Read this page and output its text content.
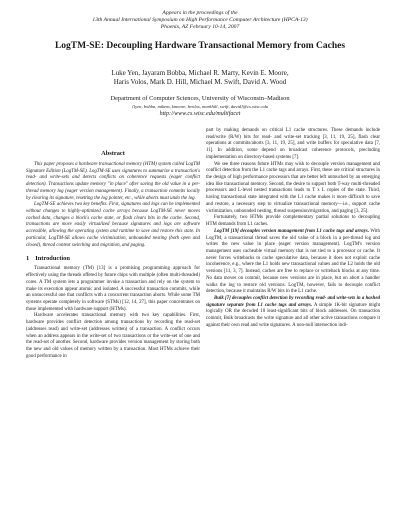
Appears in the proceedings of the
13th Annual International Symposium on High Performance Computer Architecture (HPCA-13)
Phoenix, AZ February 10-14, 2007
LogTM-SE: Decoupling Hardware Transactional Memory from Caches
Luke Yen, Jayaram Bobba, Michael R. Marty, Kevin E. Moore,
Haris Volos, Mark D. Hill, Michael M. Swift, David A. Wood
Department of Computer Sciences, University of Wisconsin–Madison
{lyen, bobba, mikem, kmoore, hvolos, markhill, swift, david}@cs.wisc.edu
http://www.cs.wisc.edu/multifacet
Abstract

This paper proposes a hardware transactional memory (HTM) system called LogTM Signature Edition (LogTM-SE). LogTM-SE uses signatures to summarize a transaction's read- and write-sets and detects conflicts on coherence requests (eager conflict detection). Transactions update memory "in place" after saving the old value in a per-thread memory log (eager version management). Finally, a transaction commits locally by clearing its signature, resetting the log pointer, etc., while aborts must undo the log.

LogTM-SE achieves two key benefits. First, signatures and logs can be implemented without changes to highly-optimized cache arrays because LogTM-SE never moves cached data, changes a block's cache state, or flash clears bits in the cache. Second, transactions are more easily virtualized because signatures and logs are software accessible, allowing the operating system and runtime to save and restore this state. In particular, LogTM-SE allows cache victimization, unbounded nesting (both open and closed), thread context switching and migration, and paging.

1 Introduction

Transactional memory (TM) [13] is a promising programming approach for effectively using the threads offered by future chips with multiple (often multi-threaded) cores. A TM system lets a programmer invoke a transaction and rely on the system to make its execution appear atomic and isolated. A successful transaction commits, while an unsuccessful one that conflicts with a concurrent transaction aborts. While some TM systems operate completely in software (STMs) [12, 14, 27], this paper concentrates on those implemented with hardware support (HTMs).

Hardware accelerates transactional memory with two key capabilities. First, hardware provides conflict detection among transactions by recording the read-set (addresses read) and write-set (addresses written) of a transaction. A conflict occurs when an address appears in the write-set of two transactions or the write-set of one and the read-set of another. Second, hardware provides version management by storing both the new and old values of memory written by a transaction. Most HTMs achieve their good performance in

part by making demands on critical L1 cache structures. These demands include read/write (R/W) bits for read- and write-set tracking [3, 11, 19, 25], flash clear operations at commits/aborts [3, 11, 19, 25], and write buffers for speculative data [7, 11]. In addition, some depend on broadcast coherence protocols, precluding implementation on directory-based systems [7].

We see three reasons future HTMs may wish to decouple version management and conflict detection from the L1 cache tags and arrays. First, these are critical structures in the design of high performance processors that are better left untouched by an emerging idea like transactional memory. Second, the desire to support both T-way multi-threaded processors and L-level nested transactions leads to T x L copies of the state. Third, having transactional state integrated with the L1 cache makes it more difficult to save and restore, a necessary step to virtualize transactional memory—i.e., support cache victimization, unbounded nesting, thread suspension/migration, and paging [3, 25].

Fortunately, two HTMs provide complementary partial solutions to decoupling HTM demands from L1 caches.

LogTM [19] decouples version management from L1 cache tags and arrays. With LogTM, a transactional thread saves the old value of a block in a per-thread log and writes the new value in place (eager version management). LogTM's version management uses cacheable virtual memory that is not tied to a processor or cache. It never forces writebacks to cache speculative data, because it does not exploit cache incoherence, e.g., where the L1 holds new transactional values and the L2 holds the old versions [11, 3, 7]. Instead, caches are free to replace or writeback blocks at any time. No data moves on commit, because new versions are in place, but on abort a handler walks the log to restore old versions. LogTM, however, fails to decouple conflict detection, because it maintains R/W bits in the L1 cache.

Bulk [7] decouples conflict detection by recording read- and write-sets in a hashed signature separate from L1 cache tags and arrays. A simple 1K-bit signature might logically OR the decoded 10 least-significant bits of block addresses. On transaction commit, Bulk broadcasts the write signature and all other active transactions compare it against their own read and write signatures. A non-null intersection indi-
